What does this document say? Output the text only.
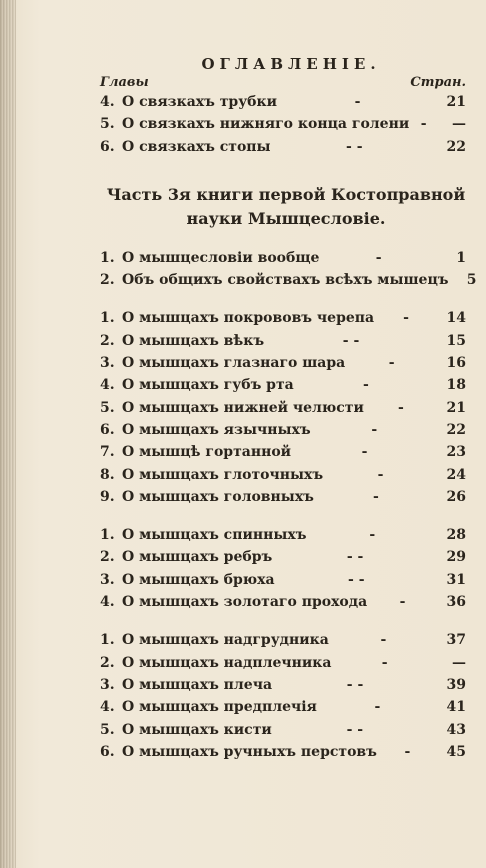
ОГЛАВЛЕНІЕ.
Главы	Стран.
4. О связкахъ трубки	-	21
5. О связкахъ нижняго конца голени -	—
6. О связкахъ стопы	- -	22
Часть 3я книги первой Костоправной
науки Мышцесловіе.
1. О мышцесловіи вообще	-	1
2. Объ общихъ свойствахъ всѣхъ мышецъ	5
1. О мышцахъ покрововъ черепа	-	14
2. О мышцахъ вѣкъ	- -	15
3. О мышцахъ глазнаго шара	-	16
4. О мышцахъ губъ рта	-	18
5. О мышцахъ нижней челюсти	-	21
6. О мышцахъ язычныхъ	-	22
7. О мышцѣ гортанной	-	23
8. О мышцахъ глоточныхъ	-	24
9. О мышцахъ головныхъ	-	26
1. О мышцахъ спинныхъ	-	28
2. О мышцахъ ребръ	- -	29
3. О мышцахъ брюха	- -	31
4. О мышцахъ золотаго прохода	-	36
1. О мышцахъ надгрудника	-	37
2. О мышцахъ надплечника	-	—
3. О мышцахъ плеча	- -	39
4. О мышцахъ предплечія	-	41
5. О мышцахъ кисти	- -	43
6. О мышцахъ ручныхъ перстовъ	-	45
